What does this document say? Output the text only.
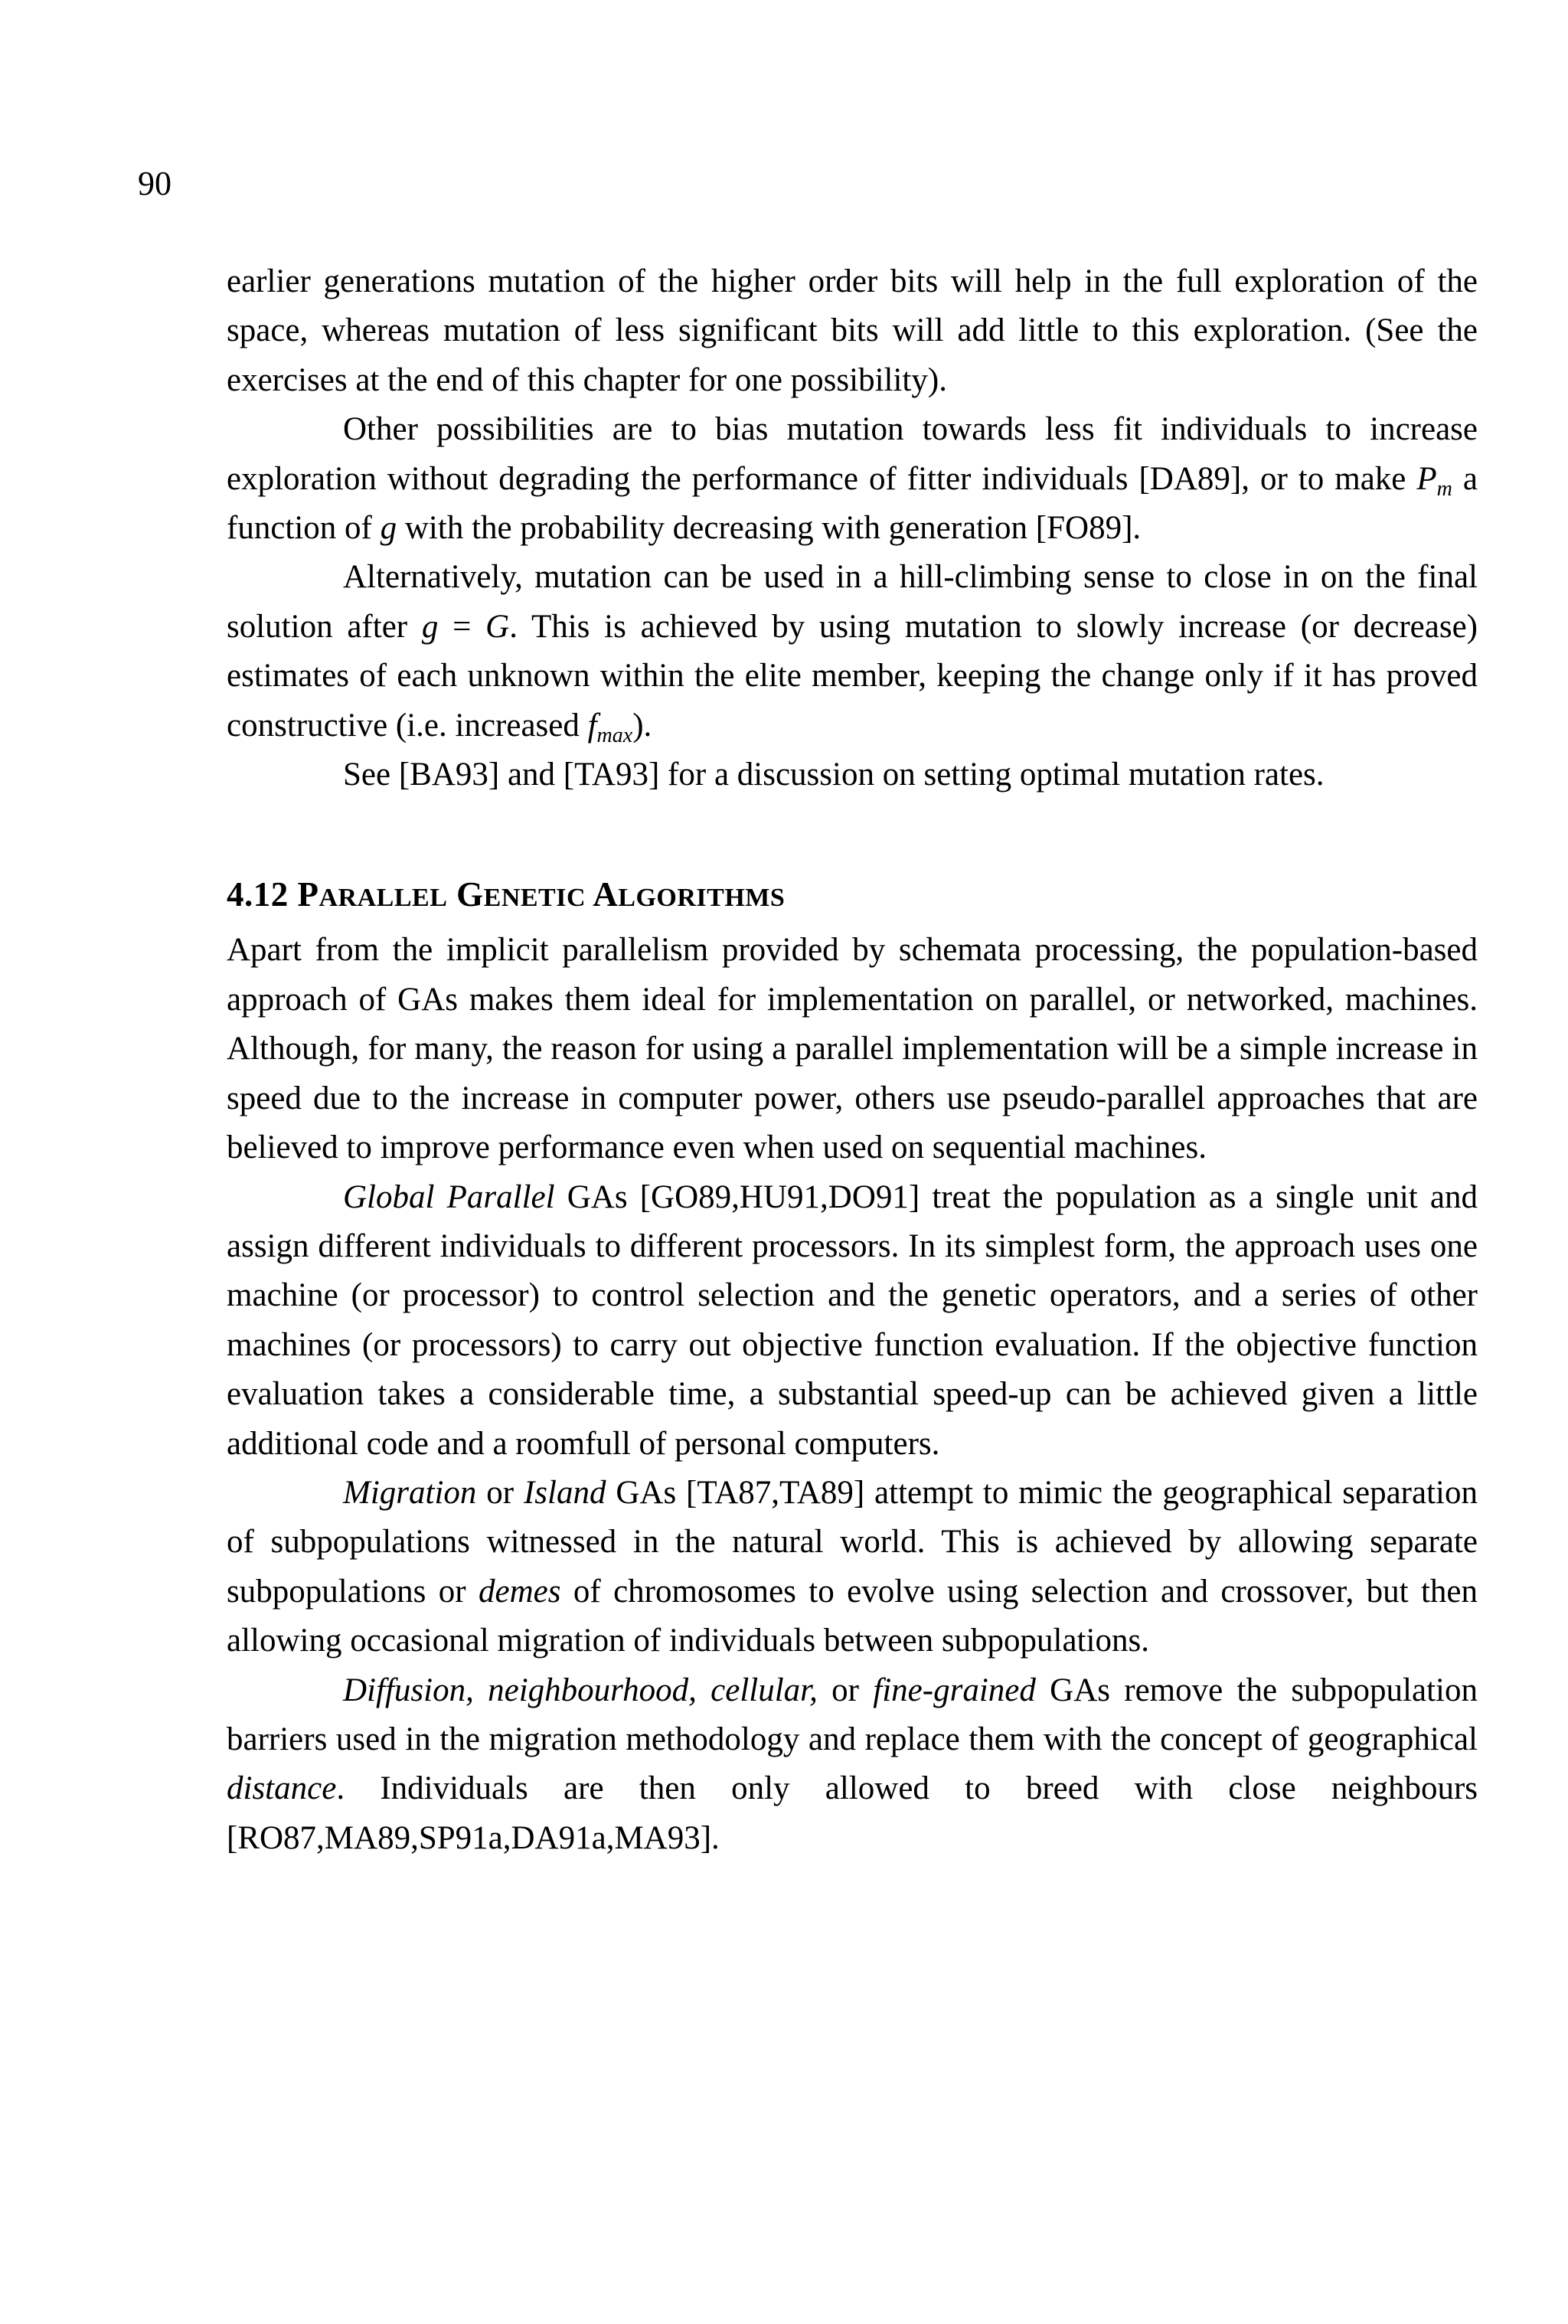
90

earlier generations mutation of the higher order bits will help in the full exploration of the space, whereas mutation of less significant bits will add little to this exploration. (See the exercises at the end of this chapter for one possibility).

Other possibilities are to bias mutation towards less fit individuals to increase exploration without degrading the performance of fitter individuals [DA89], or to make $P_m$ a function of g with the probability decreasing with generation [FO89].

Alternatively, mutation can be used in a hill-climbing sense to close in on the final solution after g = G. This is achieved by using mutation to slowly increase (or decrease) estimates of each unknown within the elite member, keeping the change only if it has proved constructive (i.e. increased $f_{max}$).

See [BA93] and [TA93] for a discussion on setting optimal mutation rates.

4.12 PARALLEL GENETIC ALGORITHMS

Apart from the implicit parallelism provided by schemata processing, the population-based approach of GAs makes them ideal for implementation on parallel, or networked, machines. Although, for many, the reason for using a parallel implementation will be a simple increase in speed due to the increase in computer power, others use pseudo-parallel approaches that are believed to improve performance even when used on sequential machines.

Global Parallel GAs [GO89,HU91,DO91] treat the population as a single unit and assign different individuals to different processors. In its simplest form, the approach uses one machine (or processor) to control selection and the genetic operators, and a series of other machines (or processors) to carry out objective function evaluation. If the objective function evaluation takes a considerable time, a substantial speed-up can be achieved given a little additional code and a roomfull of personal computers.

Migration or Island GAs [TA87,TA89] attempt to mimic the geographical separation of subpopulations witnessed in the natural world. This is achieved by allowing separate subpopulations or demes of chromosomes to evolve using selection and crossover, but then allowing occasional migration of individuals between subpopulations.

Diffusion, neighbourhood, cellular, or fine-grained GAs remove the subpopulation barriers used in the migration methodology and replace them with the concept of geographical distance. Individuals are then only allowed to breed with close neighbours [RO87,MA89,SP91a,DA91a,MA93].
